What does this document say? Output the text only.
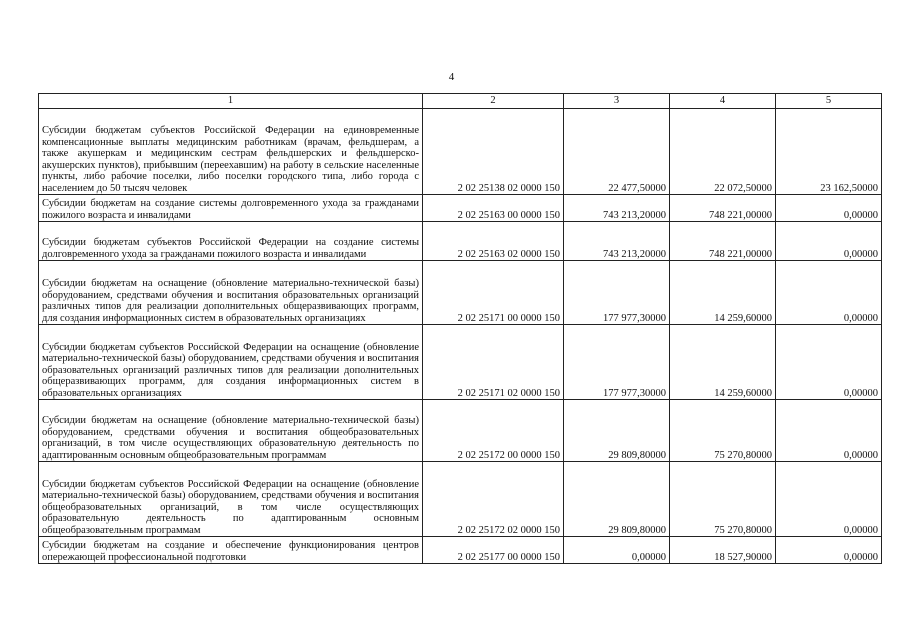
4
1	2	3	4	5
Субсидии бюджетам субъектов Российской Федерации на единовременные компенсационные выплаты медицинским работникам (врачам, фельдшерам, а также акушеркам и медицинским сестрам фельдшерских и фельдшерско-акушерских пунктов), прибывшим (переехавшим) на работу в сельские населенные пункты, либо рабочие поселки, либо поселки городского типа, либо города с населением до 50 тысяч человек	2 02 25138 02 0000 150	22 477,50000	22 072,50000	23 162,50000
Субсидии бюджетам на создание системы долговременного ухода за гражданами пожилого возраста и инвалидами	2 02 25163 00 0000 150	743 213,20000	748 221,00000	0,00000
Субсидии бюджетам субъектов Российской Федерации на создание системы долговременного ухода за гражданами пожилого возраста и инвалидами	2 02 25163 02 0000 150	743 213,20000	748 221,00000	0,00000
Субсидии бюджетам на оснащение (обновление материально-технической базы) оборудованием, средствами обучения и воспитания образовательных организаций различных типов для реализации дополнительных общеразвивающих программ, для создания информационных систем в образовательных организациях	2 02 25171 00 0000 150	177 977,30000	14 259,60000	0,00000
Субсидии бюджетам субъектов Российской Федерации на оснащение (обновление материально-технической базы) оборудованием, средствами обучения и воспитания образовательных организаций различных типов для реализации дополнительных общеразвивающих программ, для создания информационных систем в образовательных организациях	2 02 25171 02 0000 150	177 977,30000	14 259,60000	0,00000
Субсидии бюджетам на оснащение (обновление материально-технической базы) оборудованием, средствами обучения и воспитания общеобразовательных организаций, в том числе осуществляющих образовательную деятельность по адаптированным основным общеобразовательным программам	2 02 25172 00 0000 150	29 809,80000	75 270,80000	0,00000
Субсидии бюджетам субъектов Российской Федерации на оснащение (обновление материально-технической базы) оборудованием, средствами обучения и воспитания общеобразовательных организаций, в том числе осуществляющих образовательную деятельность по адаптированным основным общеобразовательным программам	2 02 25172 02 0000 150	29 809,80000	75 270,80000	0,00000
Субсидии бюджетам на создание и обеспечение функционирования центров опережающей профессиональной подготовки	2 02 25177 00 0000 150	0,00000	18 527,90000	0,00000
